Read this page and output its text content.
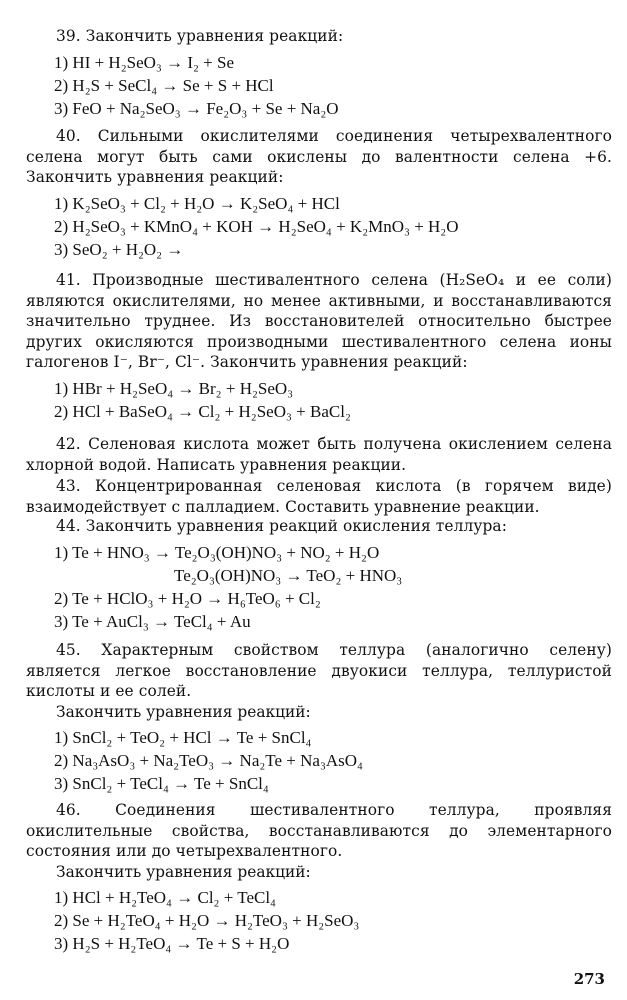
39. Закончить уравнения реакций:

1) HI + H₂SeO₃ → I₂ + Se
2) H₂S + SeCl₄ → Se + S + HCl
3) FeO + Na₂SeO₃ → Fe₂O₃ + Se + Na₂O

40. Сильными окислителями соединения четырехвалентного селена могут быть сами окислены до валентности селена +6. Закончить уравнения реакций:

1) K₂SeO₃ + Cl₂ + H₂O → K₂SeO₄ + HCl
2) H₂SeO₃ + KMnO₄ + KOH → H₂SeO₄ + K₂MnO₃ + H₂O
3) SeO₂ + H₂O₂ →

41. Производные шестивалентного селена (H₂SeO₄ и ее соли) являются окислителями, но менее активными, и восстанавливаются значительно труднее. Из восстановителей относительно быстрее других окисляются производными шестивалентного селена ионы галогенов I⁻, Br⁻, Cl⁻. Закончить уравнения реакций:

1) HBr + H₂SeO₄ → Br₂ + H₂SeO₃
2) HCl + BaSeO₄ → Cl₂ + H₂SeO₃ + BaCl₂

42. Селеновая кислота может быть получена окислением селена хлорной водой. Написать уравнения реакции.

43. Концентрированная селеновая кислота (в горячем виде) взаимодействует с палладием. Составить уравнение реакции.

44. Закончить уравнения реакций окисления теллура:

1) Te + HNO₃ → Te₂O₃(OH)NO₃ + NO₂ + H₂O
Te₂O₃(OH)NO₃ → TeO₂ + HNO₃
2) Te + HClO₃ + H₂O → H₆TeO₆ + Cl₂
3) Te + AuCl₃ → TeCl₄ + Au

45. Характерным свойством теллура (аналогично селену) является легкое восстановление двуокиси теллура, теллуристой кислоты и ее солей.

Закончить уравнения реакций:

1) SnCl₂ + TeO₂ + HCl → Te + SnCl₄
2) Na₃AsO₃ + Na₂TeO₃ → Na₂Te + Na₃AsO₄
3) SnCl₂ + TeCl₄ → Te + SnCl₄

46. Соединения шестивалентного теллура, проявляя окислительные свойства, восстанавливаются до элементарного состояния или до четырехвалентного.

Закончить уравнения реакций:

1) HCl + H₂TeO₄ → Cl₂ + TeCl₄
2) Se + H₂TeO₄ + H₂O → H₂TeO₃ + H₂SeO₃
3) H₂S + H₂TeO₄ → Te + S + H₂O
273
